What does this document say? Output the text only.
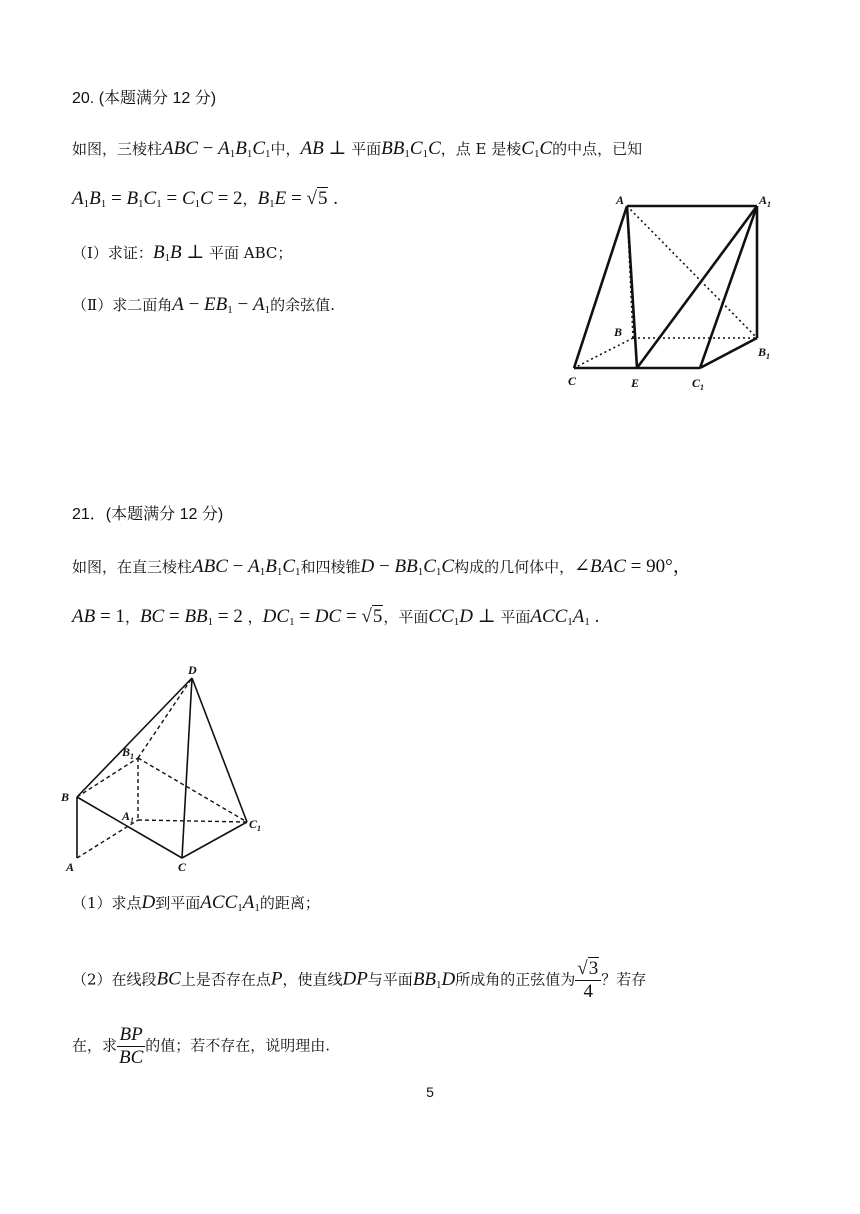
20. (本题满分 12 分)
如图，三棱柱ABC − $A_1B_1C_1$中，AB ⊥ 平面$BB_1C_1C$，点 E 是棱$C_1C$的中点，已知
$A_1B_1 = B_1C_1 = C_1C = 2$，$B_1E = √5$ .
（Ⅰ）求证：$B_1B$ ⊥ 平面 ABC；
（Ⅱ）求二面角$A - EB_1 - A_1$的余弦值.
A	$A_1$
B
$B_1$
C	E	$C_1$
21．(本题满分 12 分)
如图，在直三棱柱ABC − $A_1B_1C_1$和四棱锥$D - BB_1C_1C$构成的几何体中，∠BAC = 90°，
AB = 1，BC = $BB_1 = 2$ ，$DC_1$ = DC = √5，平面$CC_1D$ ⊥ 平面$ACC_1A_1$ .
D
$B_1$
B
$A_1$	$C_1$
A	C
（1）求点D到平面$ACC_1A_1$的距离；
（2）在线段BC上是否存在点P，使直线DP与平面$BB_1D$所成角的正弦值为 $\frac{√3}{4}$ ？若存
在，求 $\frac{BP}{BC}$ 的值；若不存在，说明理由.
5
